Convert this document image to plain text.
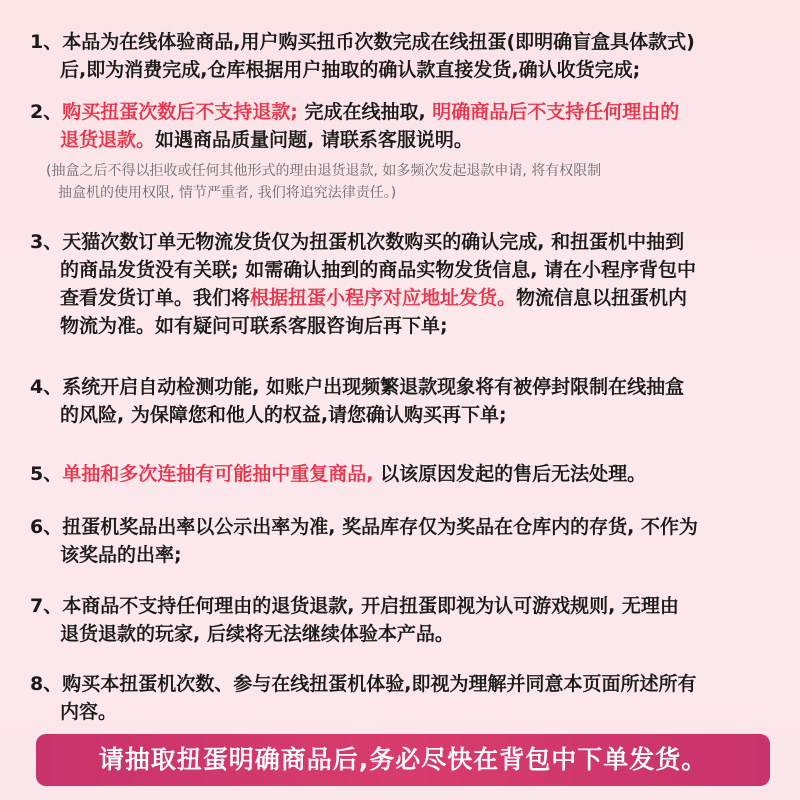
1、本品为在线体验商品,用户购买扭币次数完成在线扭蛋(即明确盲盒具体款式)
后,即为消费完成,仓库根据用户抽取的确认款直接发货,确认收货完成;
2、购买扭蛋次数后不支持退款; 完成在线抽取, 明确商品后不支持任何理由的
退货退款。如遇商品质量问题, 请联系客服说明。
(抽盒之后不得以拒收或任何其他形式的理由退货退款, 如多频次发起退款申请, 将有权限制
抽盒机的使用权限, 情节严重者, 我们将追究法律责任。)
3、天猫次数订单无物流发货仅为扭蛋机次数购买的确认完成, 和扭蛋机中抽到
的商品发货没有关联; 如需确认抽到的商品实物发货信息, 请在小程序背包中
查看发货订单。我们将根据扭蛋小程序对应地址发货。物流信息以扭蛋机内
物流为准。如有疑问可联系客服咨询后再下单;
4、系统开启自动检测功能, 如账户出现频繁退款现象将有被停封限制在线抽盒
的风险, 为保障您和他人的权益,请您确认购买再下单;
5、单抽和多次连抽有可能抽中重复商品, 以该原因发起的售后无法处理。
6、扭蛋机奖品出率以公示出率为准, 奖品库存仅为奖品在仓库内的存货, 不作为
该奖品的出率;
7、本商品不支持任何理由的退货退款, 开启扭蛋即视为认可游戏规则, 无理由
退货退款的玩家, 后续将无法继续体验本产品。
8、购买本扭蛋机次数、参与在线扭蛋机体验,即视为理解并同意本页面所述所有
内容。
请抽取扭蛋明确商品后,务必尽快在背包中下单发货。
